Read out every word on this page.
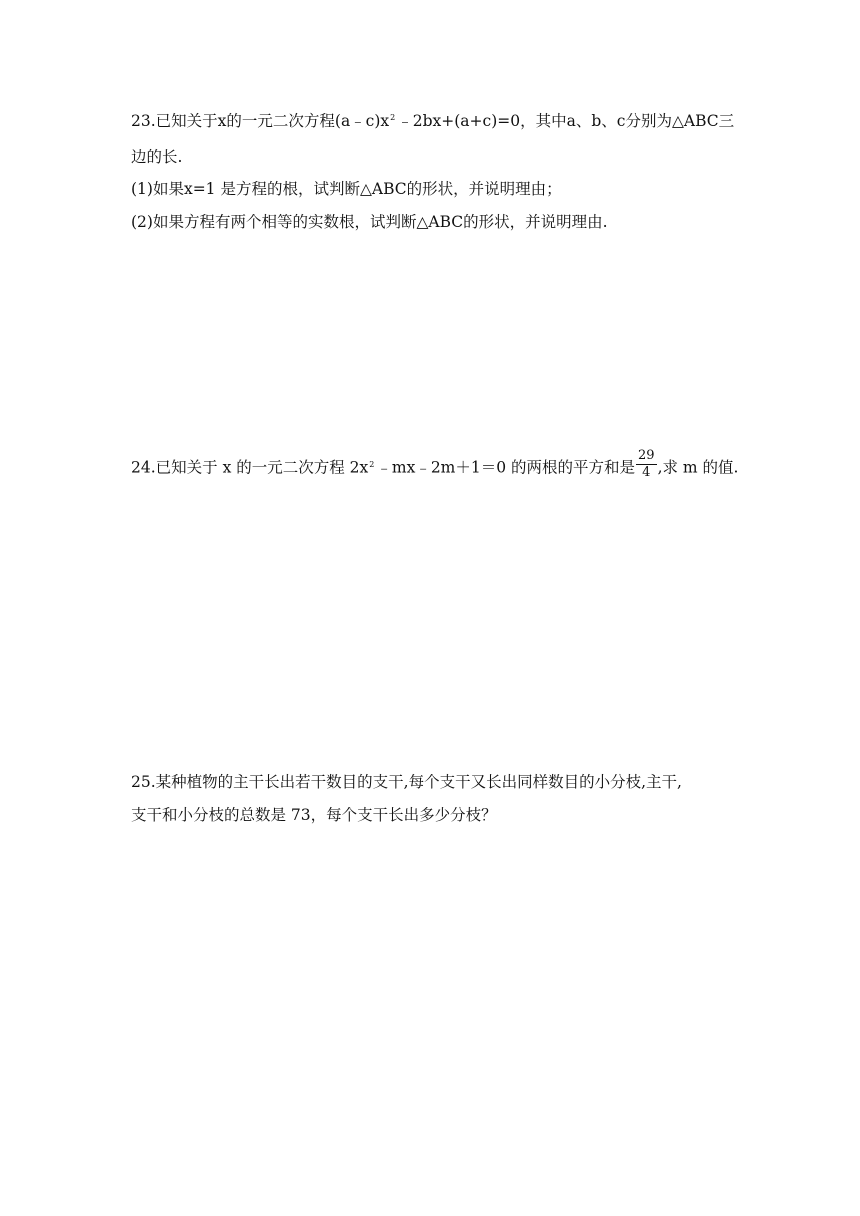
23.已知关于x的一元二次方程$(a﹣c)x^2$ ﹣2bx+(a+c)=0，其中a、b、c分别为△ABC三
边的长.
(1)如果x=1 是方程的根，试判断△ABC的形状，并说明理由；
(2)如果方程有两个相等的实数根，试判断△ABC的形状，并说明理由.
24.已知关于 x 的一元二次方程 $2x^2$ ﹣mx﹣2m＋1＝0 的两根的平方和是 $\frac{29}{4}$ ,求 m 的值.
25.某种植物的主干长出若干数目的支干,每个支干又长出同样数目的小分枝,主干,
支干和小分枝的总数是 73，每个支干长出多少分枝？
